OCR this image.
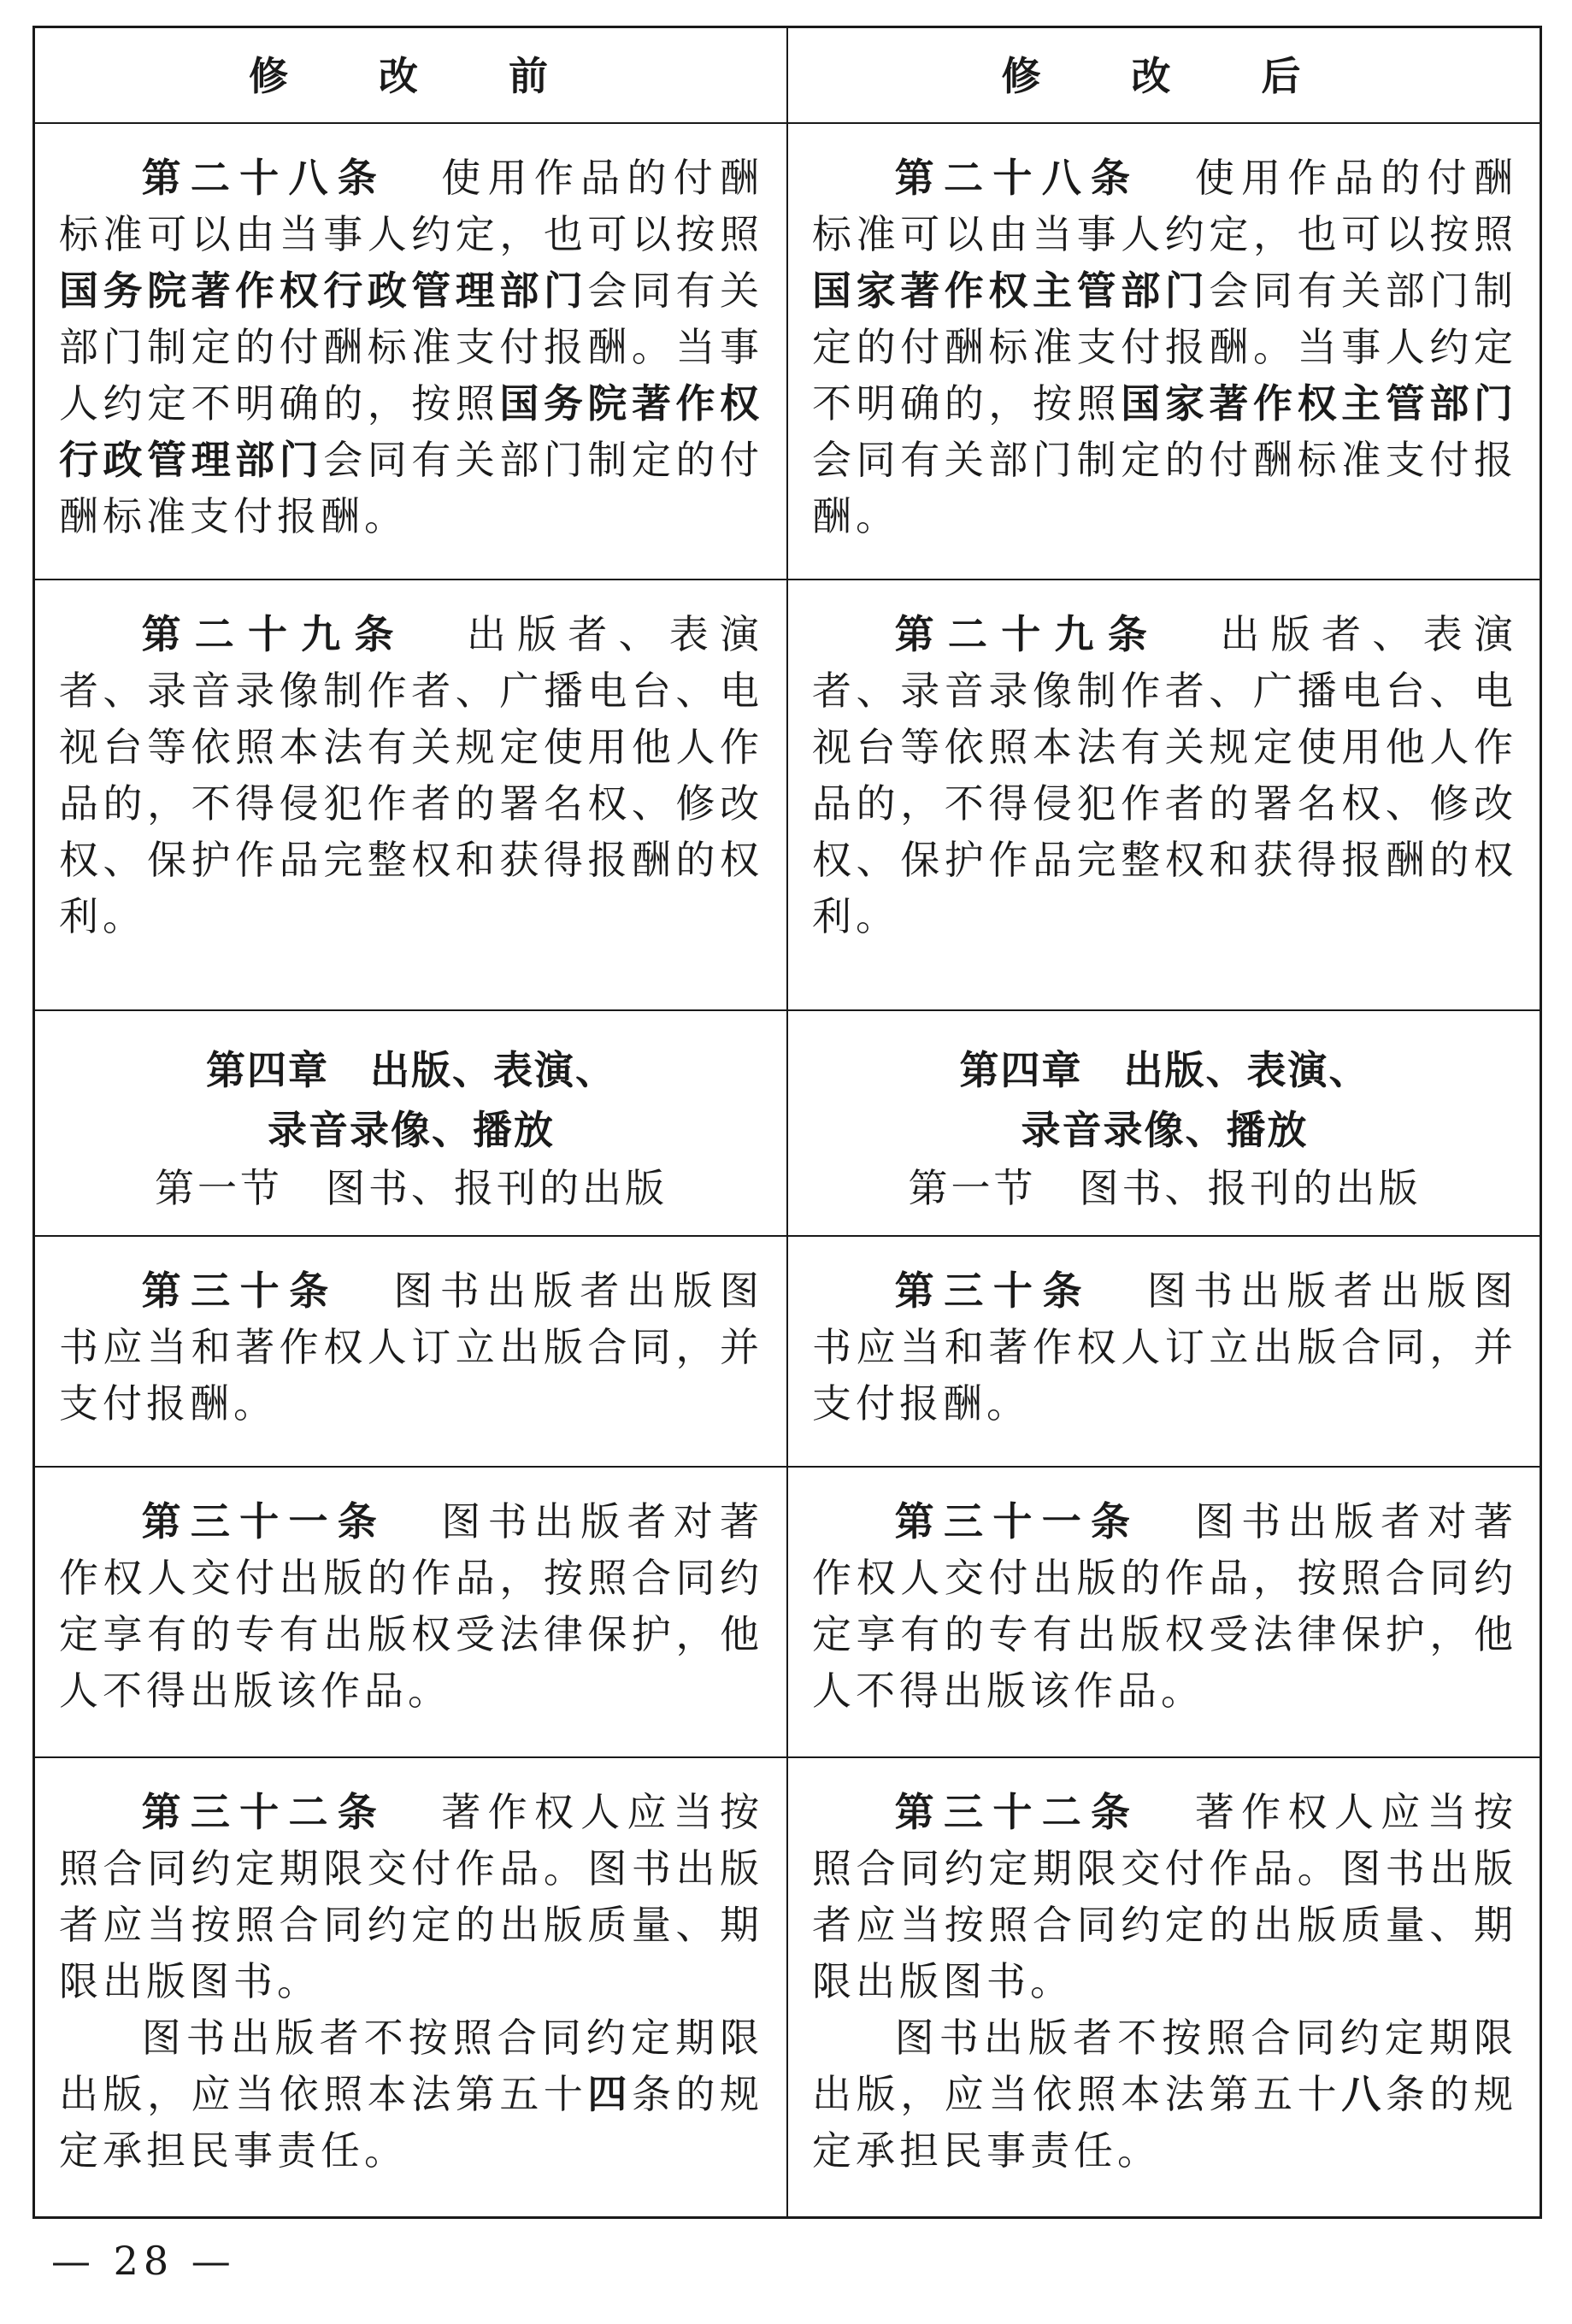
修　改　前	修　改　后

第二十八条 使用作品的付酬标准可以由当事人约定，也可以按照国务院著作权行政管理部门会同有关部门制定的付酬标准支付报酬。当事人约定不明确的，按照国务院著作权行政管理部门会同有关部门制定的付酬标准支付报酬。

第二十八条 使用作品的付酬标准可以由当事人约定，也可以按照国家著作权主管部门会同有关部门制定的付酬标准支付报酬。当事人约定不明确的，按照国家著作权主管部门会同有关部门制定的付酬标准支付报酬。

第二十九条 出版者、表演者、录音录像制作者、广播电台、电视台等依照本法有关规定使用他人作品的，不得侵犯作者的署名权、修改权、保护作品完整权和获得报酬的权利。

第二十九条 出版者、表演者、录音录像制作者、广播电台、电视台等依照本法有关规定使用他人作品的，不得侵犯作者的署名权、修改权、保护作品完整权和获得报酬的权利。

第四章　出版、表演、
录音录像、播放
第一节　图书、报刊的出版
第四章　出版、表演、
录音录像、播放
第一节　图书、报刊的出版

第三十条 图书出版者出版图书应当和著作权人订立出版合同，并支付报酬。

第三十条 图书出版者出版图书应当和著作权人订立出版合同，并支付报酬。

第三十一条 图书出版者对著作权人交付出版的作品，按照合同约定享有的专有出版权受法律保护，他人不得出版该作品。

第三十一条 图书出版者对著作权人交付出版的作品，按照合同约定享有的专有出版权受法律保护，他人不得出版该作品。

第三十二条 著作权人应当按照合同约定期限交付作品。图书出版者应当按照合同约定的出版质量、期限出版图书。

图书出版者不按照合同约定期限出版，应当依照本法第五十四条的规定承担民事责任。

第三十二条 著作权人应当按照合同约定期限交付作品。图书出版者应当按照合同约定的出版质量、期限出版图书。

图书出版者不按照合同约定期限出版，应当依照本法第五十八条的规定承担民事责任。

— 28 —
